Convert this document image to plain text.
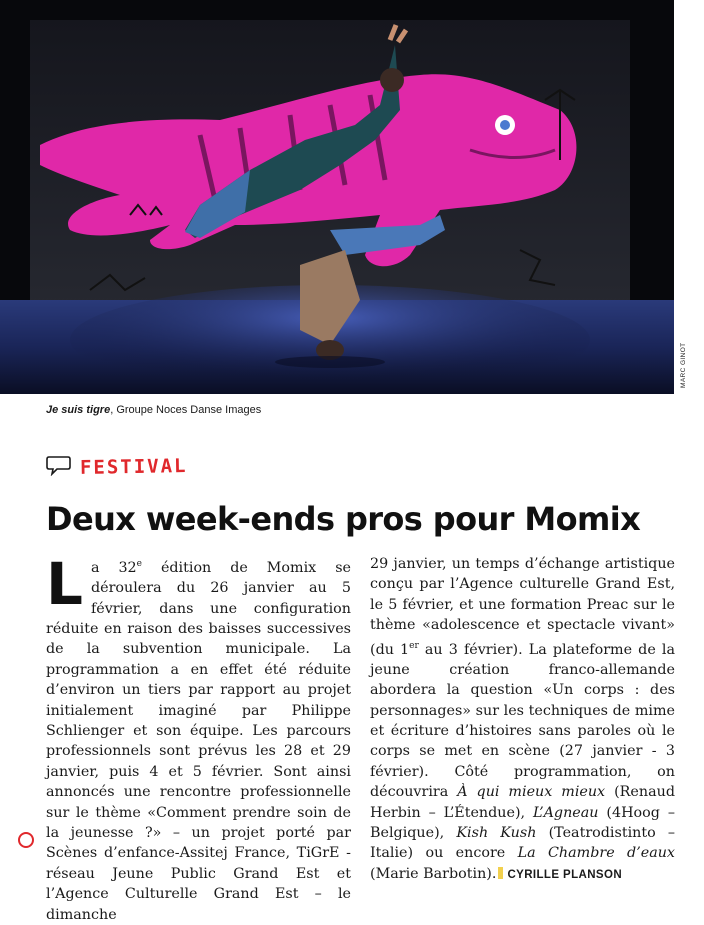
MARC GINOT
Je suis tigre, Groupe Noces Danse Images
FESTIVAL
Deux week-ends pros pour Momix
La 32e édition de Momix se déroulera du 26 janvier au 5 février, dans une configuration réduite en raison des baisses successives de la subvention municipale. La programmation a en effet été réduite d’environ un tiers par rapport au projet initialement imaginé par Philippe Schlienger et son équipe. Les parcours professionnels sont prévus les 28 et 29 janvier, puis 4 et 5 février. Sont ainsi annoncés une rencontre professionnelle sur le thème «Comment prendre soin de la jeunesse ?» – un projet porté par Scènes d’enfance-Assitej France, TiGrE - réseau Jeune Public Grand Est et l’Agence Culturelle Grand Est – le dimanche
29 janvier, un temps d’échange artistique conçu par l’Agence culturelle Grand Est, le 5 février, et une formation Preac sur le thème «adolescence et spectacle vivant» (du 1er au 3 février). La plateforme de la jeune création franco-allemande abordera la question «Un corps : des personnages» sur les techniques de mime et écriture d’histoires sans paroles où le corps se met en scène (27 janvier - 3 février). Côté programmation, on découvrira À qui mieux mieux (Renaud Herbin – L’Étendue), L’Agneau (4Hoog – Belgique), Kish Kush (Teatrodistinto – Italie) ou encore La Chambre d’eaux (Marie Barbotin). CYRILLE PLANSON
